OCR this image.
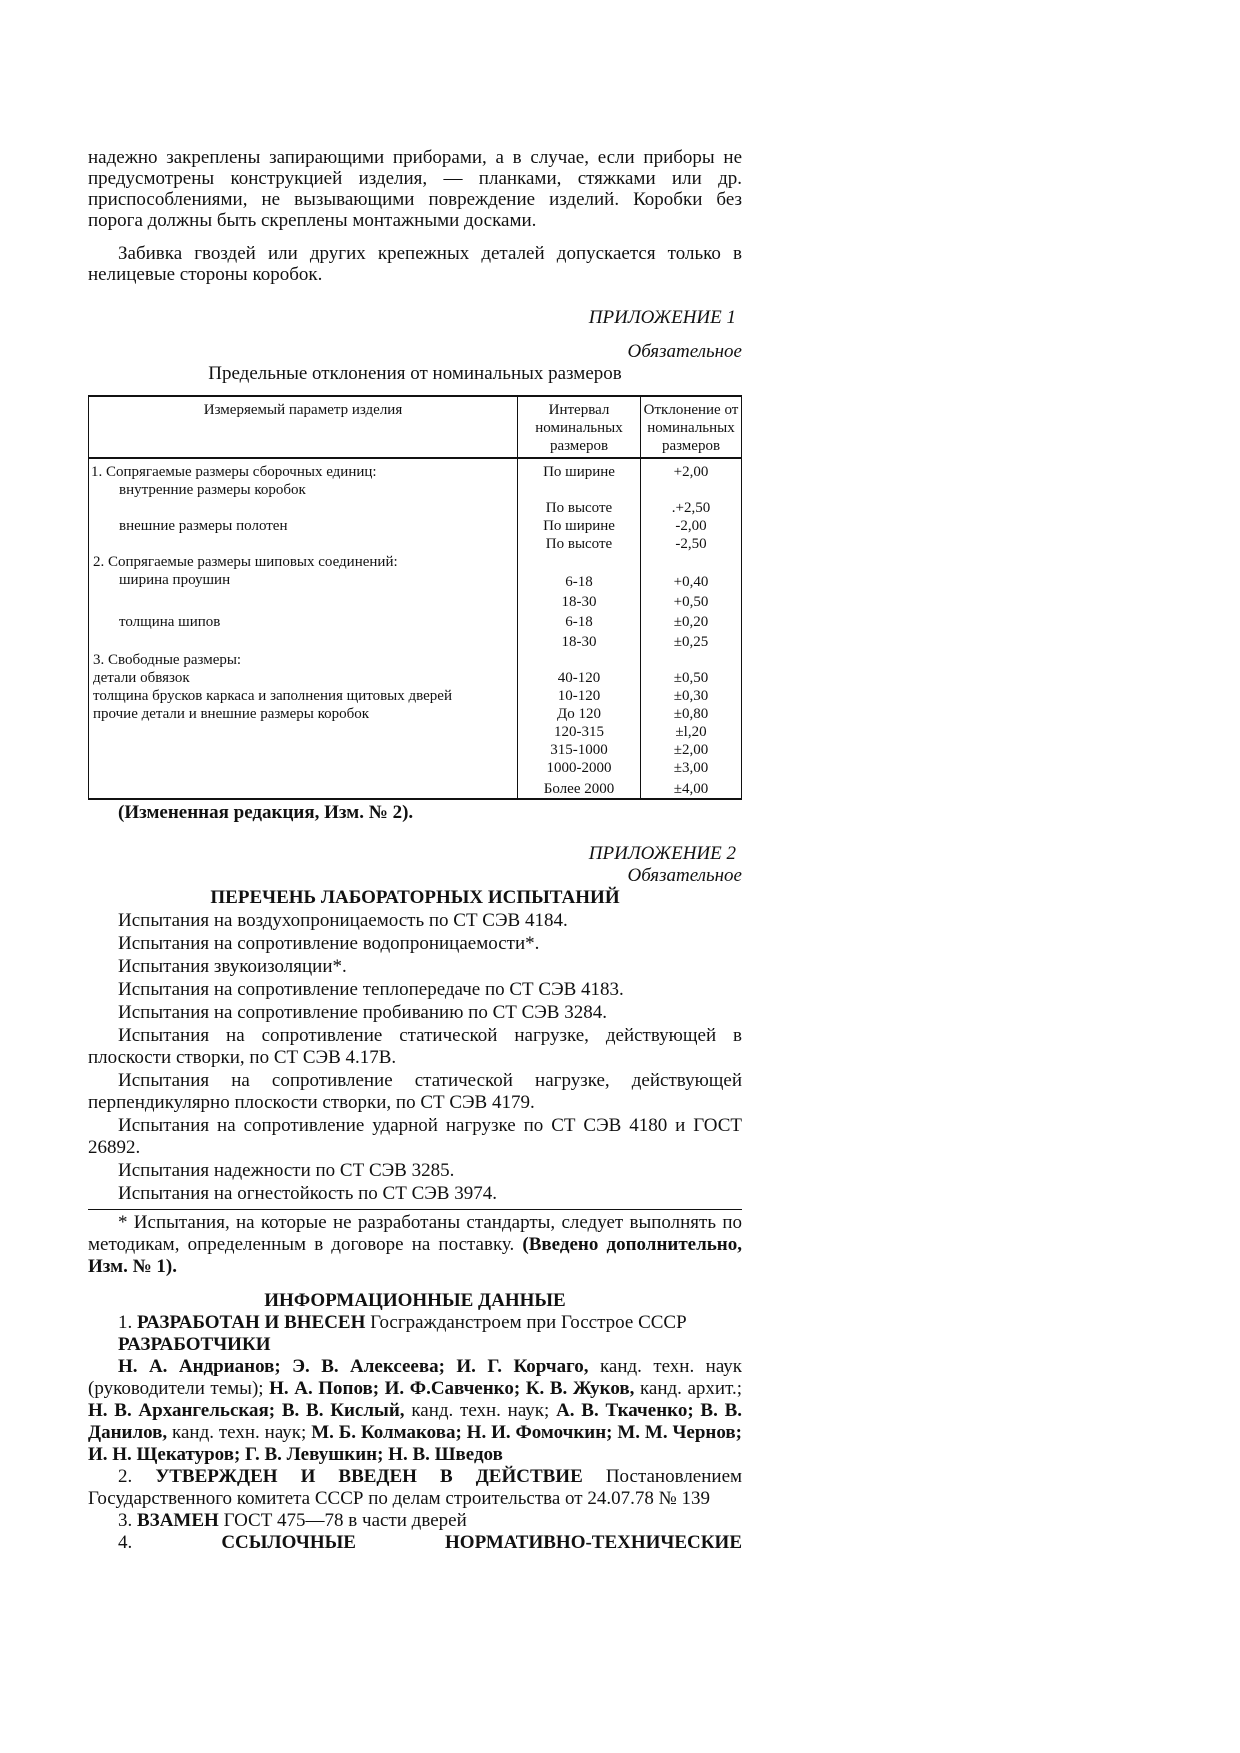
надежно закреплены запирающими приборами, а в случае, если приборы не предусмотрены конструкцией изделия, — планками, стяжками или др. приспособлениями, не вызывающими повреждение изделий. Коробки без порога должны быть скреплены монтажными досками.

Забивка гвоздей или других крепежных деталей допускается только в нелицевые стороны коробок.

ПРИЛОЖЕНИЕ 1
Обязательное
Предельные отклонения от номинальных размеров
Измеряемый параметр изделия	Интервал номинальных размеров	Отклонение от номинальных размеров
1. Сопрягаемые размеры сборочных единиц:	По ширине	+2,00
внутренние размеры коробок		
	По высоте	.+2,50
внешние размеры полотен	По ширине	-2,00
	По высоте	-2,50
2. Сопрягаемые размеры шиповых соединений:		
ширина проушин	6-18	+0,40
	18-30	+0,50
толщина шипов	6-18	±0,20
	18-30	±0,25
3. Свободные размеры:		
детали обвязок	40-120	±0,50
толщина брусков каркаса и заполнения щитовых дверей	10-120	±0,30
прочие детали и внешние размеры коробок	До 120	±0,80
	120-315	±l,20
	315-1000	±2,00
	1000-2000	±3,00
	Более 2000	±4,00

(Измененная редакция, Изм. № 2).

ПРИЛОЖЕНИЕ 2
Обязательное
ПЕРЕЧЕНЬ ЛАБОРАТОРНЫХ ИСПЫТАНИЙ

Испытания на воздухопроницаемость по СТ СЭВ 4184.

Испытания на сопротивление водопроницаемости*.

Испытания звукоизоляции*.

Испытания на сопротивление теплопередаче по СТ СЭВ 4183.

Испытания на сопротивление пробиванию по СТ СЭВ 3284.

Испытания на сопротивление статической нагрузке, действующей в плоскости створки, по СТ СЭВ 4.17В.

Испытания на сопротивление статической нагрузке, действующей перпендикулярно плоскости створки, по СТ СЭВ 4179.

Испытания на сопротивление ударной нагрузке по СТ СЭВ 4180 и ГОСТ 26892.

Испытания надежности по СТ СЭВ 3285.

Испытания на огнестойкость по СТ СЭВ 3974.

* Испытания, на которые не разработаны стандарты, следует выполнять по методикам, определенным в договоре на поставку. (Введено дополнительно, Изм. № 1).

ИНФОРМАЦИОННЫЕ ДАННЫЕ

1. РАЗРАБОТАН И ВНЕСЕН Госгражданстроем при Госстрое СССР

РАЗРАБОТЧИКИ

Н. А. Андрианов; Э. В. Алексеева; И. Г. Корчаго, канд. техн. наук (руководители темы); Н. А. Попов; И. Ф.Савченко; К. В. Жуков, канд. архит.; Н. В. Архангельская; В. В. Кислый, канд. техн. наук; А. В. Ткаченко; В. В. Данилов, канд. техн. наук; М. Б. Колмакова; Н. И. Фомочкин; М. М. Чернов; И. Н. Щекатуров; Г. В. Левушкин; Н. В. Шведов

2. УТВЕРЖДЕН И ВВЕДЕН В ДЕЙСТВИЕ Постановлением Государственного комитета СССР по делам строительства от 24.07.78 № 139

3. ВЗАМЕН ГОСТ 475—78 в части дверей

4.	ССЫЛОЧНЫЕ НОРМАТИВНО-ТЕХНИЧЕСКИЕ
